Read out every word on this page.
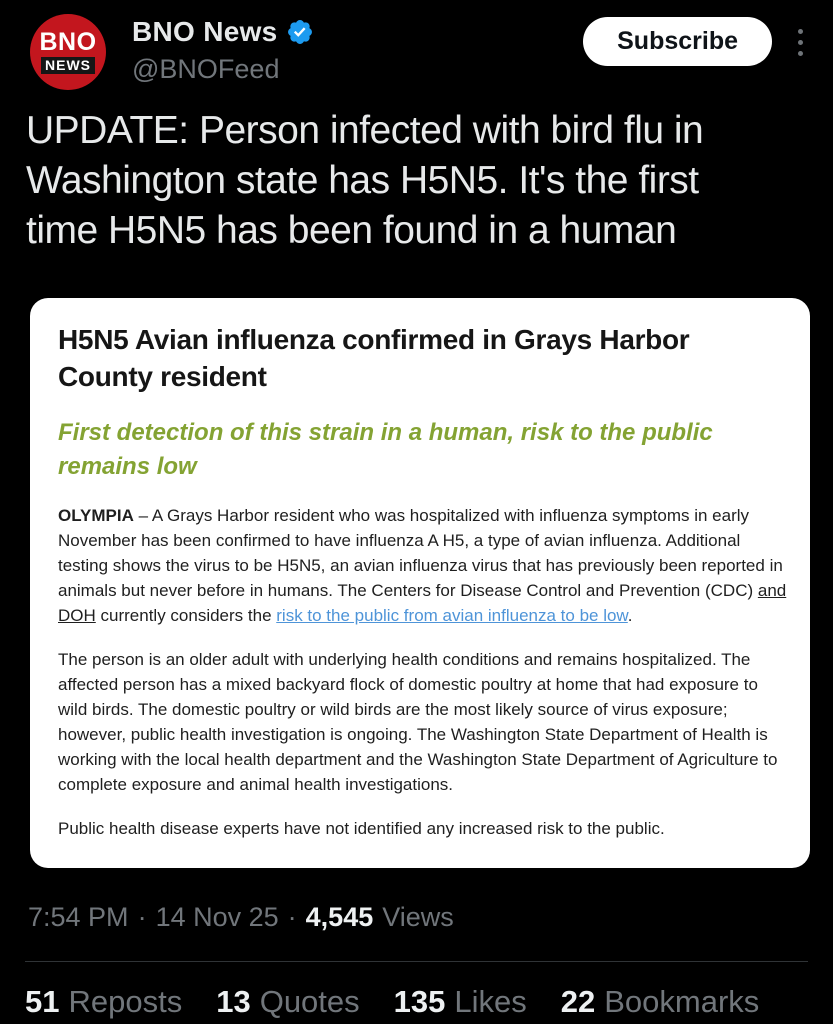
BNO
NEWS
BNO News
@BNOFeed
Subscribe
UPDATE: Person infected with bird flu in
Washington state has H5N5. It's the first
time H5N5 has been found in a human
H5N5 Avian influenza confirmed in Grays Harbor County resident
First detection of this strain in a human, risk to the public remains low

OLYMPIA – A Grays Harbor resident who was hospitalized with influenza symptoms in early November has been confirmed to have influenza A H5, a type of avian influenza. Additional testing shows the virus to be H5N5, an avian influenza virus that has previously been reported in animals but never before in humans. The Centers for Disease Control and Prevention (CDC) and DOH currently considers the risk to the public from avian influenza to be low.

The person is an older adult with underlying health conditions and remains hospitalized. The affected person has a mixed backyard flock of domestic poultry at home that had exposure to wild birds. The domestic poultry or wild birds are the most likely source of virus exposure; however, public health investigation is ongoing. The Washington State Department of Health is working with the local health department and the Washington State Department of Agriculture to complete exposure and animal health investigations.

Public health disease experts have not identified any increased risk to the public.

7:54 PM · 14 Nov 25 · 4,545 Views
51 Reposts 13 Quotes 135 Likes 22 Bookmarks
